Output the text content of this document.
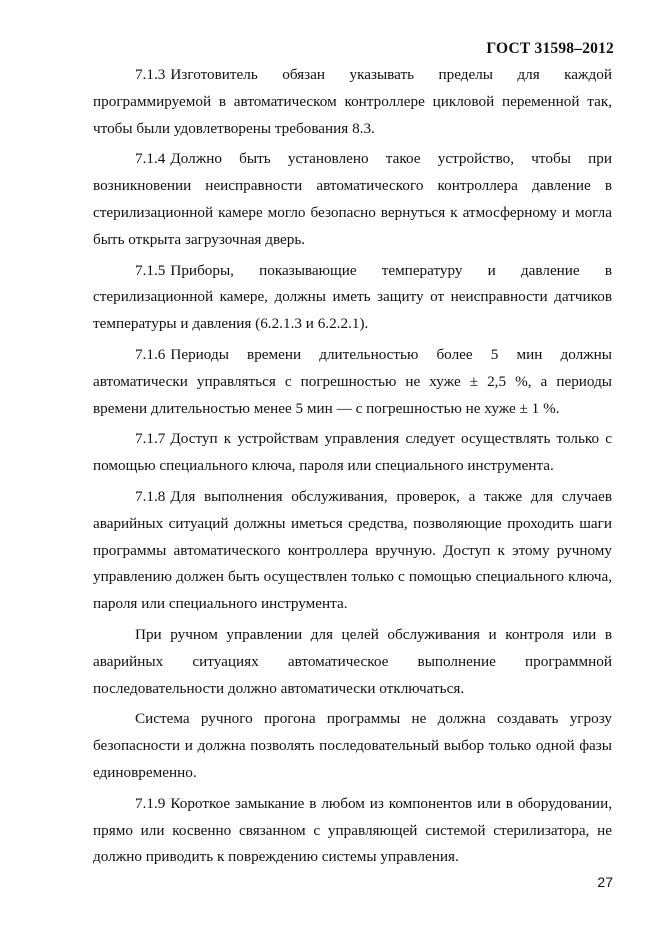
ГОСТ 31598–2012

7.1.3 Изготовитель обязан указывать пределы для каждой программируемой в автоматическом контроллере цикловой переменной так, чтобы были удовлетворены требования 8.3.

7.1.4 Должно быть установлено такое устройство, чтобы при возникновении неисправности автоматического контроллера давление в стерилизационной камере могло безопасно вернуться к атмосферному и могла быть открыта загрузочная дверь.

7.1.5 Приборы, показывающие температуру и давление в стерилизационной камере, должны иметь защиту от неисправности датчиков температуры и давления (6.2.1.3 и 6.2.2.1).

7.1.6 Периоды времени длительностью более 5 мин должны автоматически управляться с погрешностью не хуже ± 2,5 %, а периоды времени длительностью менее 5 мин — с погрешностью не хуже ± 1 %.

7.1.7 Доступ к устройствам управления следует осуществлять только с помощью специального ключа, пароля или специального инструмента.

7.1.8 Для выполнения обслуживания, проверок, а также для случаев аварийных ситуаций должны иметься средства, позволяющие проходить шаги программы автоматического контроллера вручную. Доступ к этому ручному управлению должен быть осуществлен только с помощью специального ключа, пароля или специального инструмента.

При ручном управлении для целей обслуживания и контроля или в аварийных ситуациях автоматическое выполнение программной последовательности должно автоматически отключаться.

Система ручного прогона программы не должна создавать угрозу безопасности и должна позволять последовательный выбор только одной фазы единовременно.

7.1.9 Короткое замыкание в любом из компонентов или в оборудовании, прямо или косвенно связанном с управляющей системой стерилизатора, не должно приводить к повреждению системы управления.

27
